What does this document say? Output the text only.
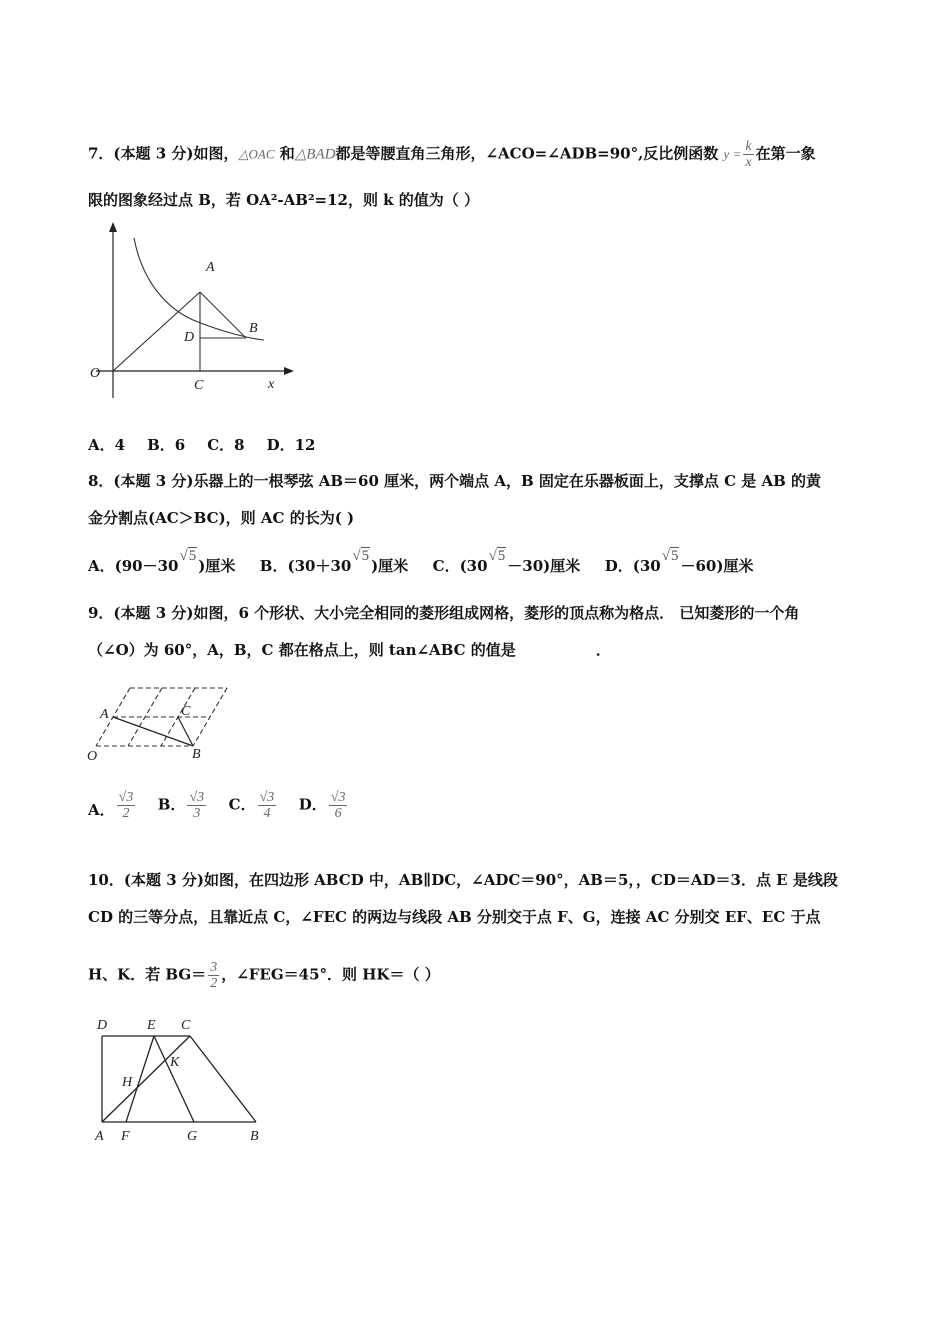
7．(本题 3 分)如图，△OAC 和△BAD都是等腰直角三角形，∠ACO=∠ADB=90°,反比例函数 $y = \frac{k}{x}$ 在第一象
限的图象经过点 B，若 OA²-AB²=12，则 k 的值为（ ）
A
B
D
C
O
x
A．4 B．6 C．8 D．12
8．(本题 3 分)乐器上的一根琴弦 AB＝60 厘米，两个端点 A，B 固定在乐器板面上，支撑点 C 是 AB 的黄
金分割点(AC＞BC)，则 AC 的长为( )
A．(90－30√5)厘米 B．(30＋30√5)厘米 C．(30√5－30)厘米 D．(30√5－60)厘米
9．(本题 3 分)如图，6 个形状、大小完全相同的菱形组成网格，菱形的顶点称为格点． 已知菱形的一个角
（∠O）为 60°，A，B，C 都在格点上，则 tan∠ABC 的值是	．
A	C
B
O
A． $\frac{√3}{2}$ B． $\frac{√3}{3}$ C． $\frac{√3}{4}$ D． $\frac{√3}{6}$
10．(本题 3 分)如图，在四边形 ABCD 中，AB∥DC，∠ADC＝90°，AB＝5，，CD＝AD＝3．点 E 是线段
CD 的三等分点，且靠近点 C，∠FEC 的两边与线段 AB 分别交于点 F、G，连接 AC 分别交 EF、EC 于点
H、K．若 $BG= \frac{3}{2}$ ，∠FEG＝45°．则 HK＝（ ）
D	E C
H
K
A F	G	B
